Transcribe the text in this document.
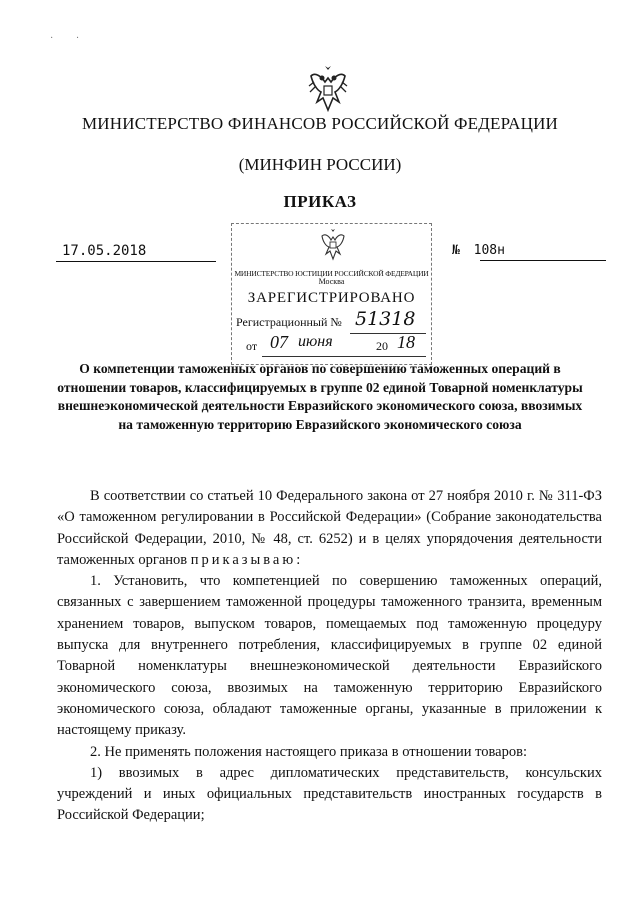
·         ·
МИНИСТЕРСТВО ФИНАНСОВ РОССИЙСКОЙ ФЕДЕРАЦИИ
(МИНФИН РОССИИ)
ПРИКАЗ
17.05.2018	№ 108н
МИНИСТЕРСТВО ЮСТИЦИИ РОССИЙСКОЙ ФЕДЕРАЦИИ
Москва
ЗАРЕГИСТРИРОВАНО
Регистрационный № 51318
от 07 июня	20 18
О компетенции таможенных органов по совершению таможенных операций в отношении товаров, классифицируемых в группе 02 единой Товарной номенклатуры внешнеэкономической деятельности Евразийского экономического союза, ввозимых на таможенную территорию Евразийского экономического союза

В соответствии со статьей 10 Федерального закона от 27 ноября 2010 г. № 311-ФЗ «О таможенном регулировании в Российской Федерации» (Собрание законодательства Российской Федерации, 2010, № 48, ст. 6252) и в целях упорядочения деятельности таможенных органов приказываю:

1. Установить, что компетенцией по совершению таможенных операций, связанных с завершением таможенной процедуры таможенного транзита, временным хранением товаров, выпуском товаров, помещаемых под таможенную процедуру выпуска для внутреннего потребления, классифицируемых в группе 02 единой Товарной номенклатуры внешнеэкономической деятельности Евразийского экономического союза, ввозимых на таможенную территорию Евразийского экономического союза, обладают таможенные органы, указанные в приложении к настоящему приказу.

2. Не применять положения настоящего приказа в отношении товаров:

1) ввозимых в адрес дипломатических представительств, консульских учреждений и иных официальных представительств иностранных государств в Российской Федерации;
